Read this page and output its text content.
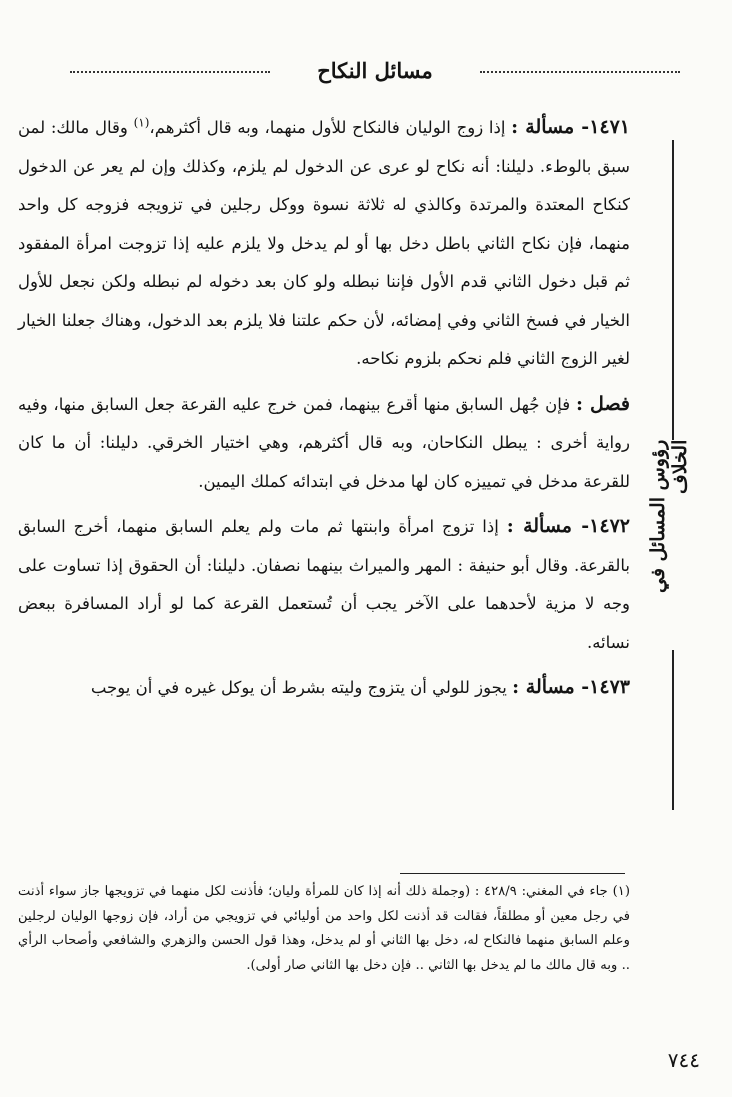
مسائل النكاح
رؤوس المسائل في الخلاف

١٤٧١- مسألة : إذا زوج الوليان فالنكاح للأول منهما، وبه قال أكثرهم،$^{(١)}$ وقال مالك: لمن سبق بالوطء. دليلنا: أنه نكاح لو عرى عن الدخول لم يلزم، وكذلك وإن لم يعر عن الدخول كنكاح المعتدة والمرتدة وكالذي له ثلاثة نسوة ووكل رجلين في تزويجه فزوجه كل واحد منهما، فإن نكاح الثاني باطل دخل بها أو لم يدخل ولا يلزم عليه إذا تزوجت امرأة المفقود ثم قبل دخول الثاني قدم الأول فإننا نبطله ولو كان بعد دخوله لم نبطله ولكن نجعل للأول الخيار في فسخ الثاني وفي إمضائه، لأن حكم علتنا فلا يلزم بعد الدخول، وهناك جعلنا الخيار لغير الزوج الثاني فلم نحكم بلزوم نكاحه.

فصل : فإن جُهل السابق منها أقرع بينهما، فمن خرج عليه القرعة جعل السابق منها، وفيه رواية أخرى : يبطل النكاحان، وبه قال أكثرهم، وهي اختيار الخرقي. دليلنا: أن ما كان للقرعة مدخل في تمييزه كان لها مدخل في ابتدائه كملك اليمين.

١٤٧٢- مسألة : إذا تزوج امرأة وابنتها ثم مات ولم يعلم السابق منهما، أخرج السابق بالقرعة. وقال أبو حنيفة : المهر والميراث بينهما نصفان. دليلنا: أن الحقوق إذا تساوت على وجه لا مزية لأحدهما على الآخر يجب أن تُستعمل القرعة كما لو أراد المسافرة ببعض نسائه.

١٤٧٣- مسألة : يجوز للولي أن يتزوج وليته بشرط أن يوكل غيره في أن يوجب

(١) جاء في المغني: ٤٢٨/٩ : (وجملة ذلك أنه إذا كان للمرأة وليان؛ فأذنت لكل منهما في تزويجها جاز سواء أذنت في رجل معين أو مطلقاً، فقالت قد أذنت لكل واحد من أوليائي في تزويجي من أراد، فإن زوجها الوليان لرجلين وعلم السابق منهما فالنكاح له، دخل بها الثاني أو لم يدخل، وهذا قول الحسن والزهري والشافعي وأصحاب الرأي .. وبه قال مالك ما لم يدخل بها الثاني .. فإن دخل بها الثاني صار أولى).
٧٤٤
